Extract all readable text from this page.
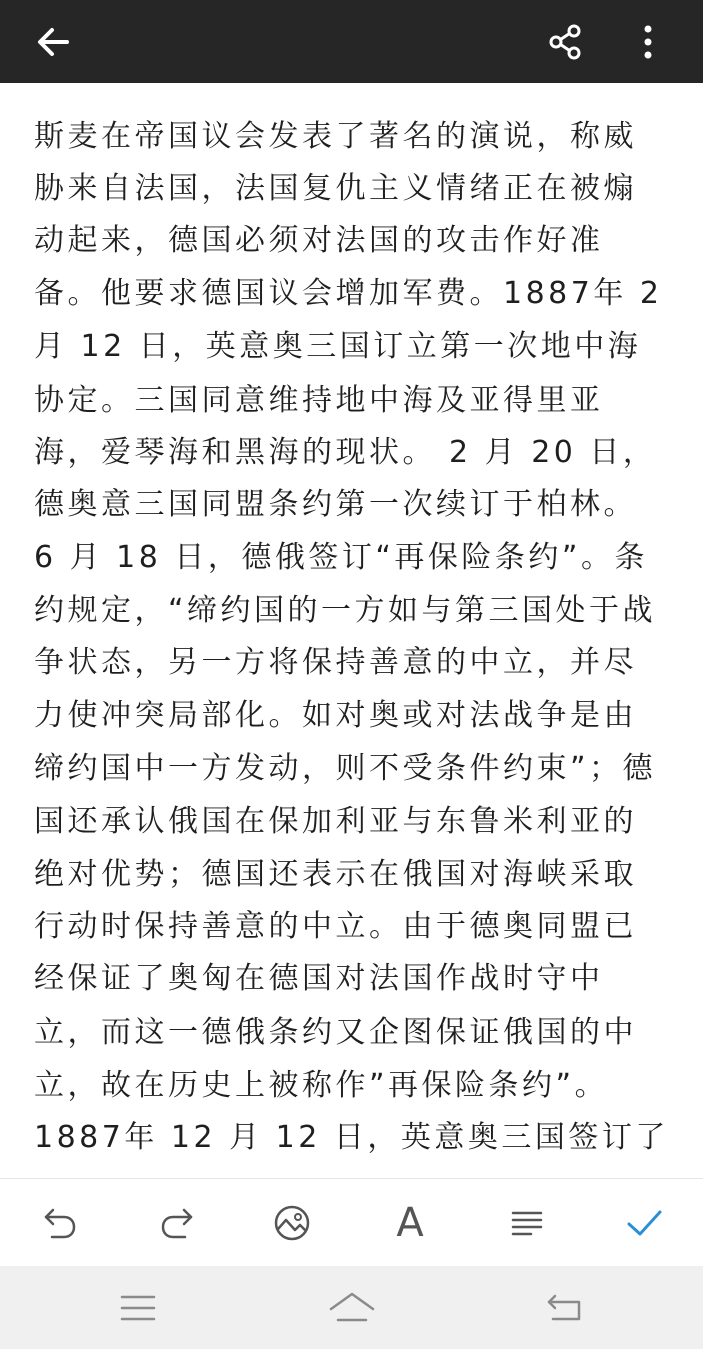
斯麦在帝国议会发表了著名的演说，称威

胁来自法国，法国复仇主义情绪正在被煽

动起来，德国必须对法国的攻击作好准

备。他要求德国议会增加军费。1887年 2

月 12 日，英意奥三国订立第一次地中海

协定。三国同意维持地中海及亚得里亚

海，爱琴海和黑海的现状。 2 月 20 日，

德奥意三国同盟条约第一次续订于柏林。

6 月 18 日，德俄签订“再保险条约”。条

约规定，“缔约国的一方如与第三国处于战

争状态，另一方将保持善意的中立，并尽

力使冲突局部化。如对奥或对法战争是由

缔约国中一方发动，则不受条件约束”；德

国还承认俄国在保加利亚与东鲁米利亚的

绝对优势；德国还表示在俄国对海峡采取

行动时保持善意的中立。由于德奥同盟已

经保证了奥匈在德国对法国作战时守中

立，而这一德俄条约又企图保证俄国的中

立，故在历史上被称作”再保险条约”。

1887年 12 月 12 日，英意奥三国签订了

A
